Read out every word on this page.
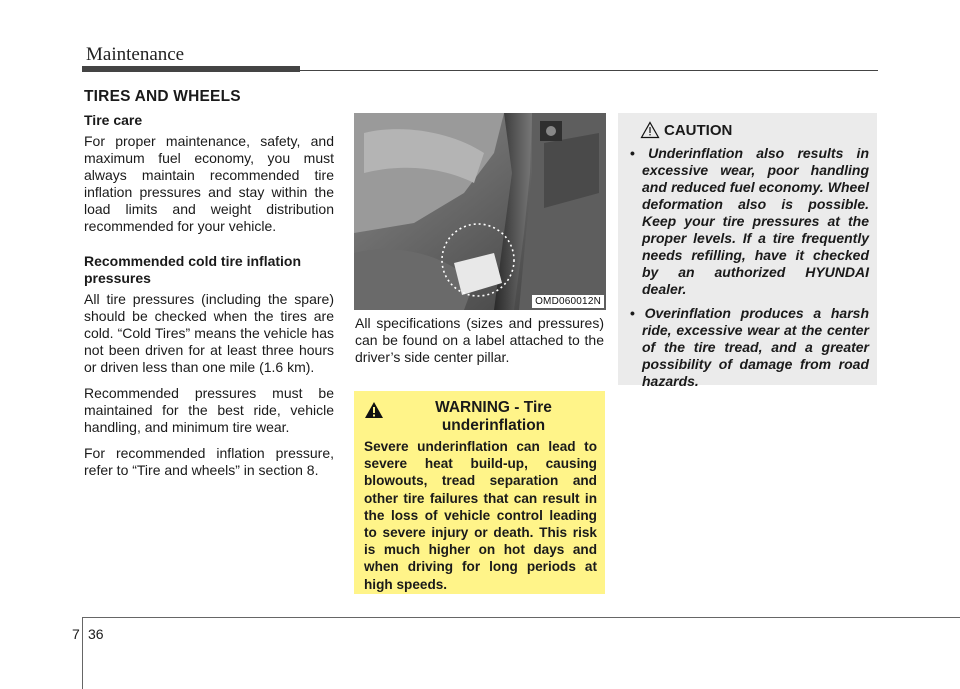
Maintenance
TIRES AND WHEELS
Tire care

For proper maintenance, safety, and maximum fuel economy, you must always maintain recommended tire inflation pressures and stay within the load limits and weight distribution recommended for your vehicle.

Recommended cold tire inflation pressures

All tire pressures (including the spare) should be checked when the tires are cold. “Cold Tires” means the vehicle has not been driven for at least three hours or driven less than one mile (1.6 km).

Recommended pressures must be maintained for the best ride, vehicle handling, and minimum tire wear.

For recommended inflation pressure, refer to “Tire and wheels” in section 8.

OMD060012N
All specifications (sizes and pressures) can be found on a label attached to the driver’s side center pillar.
WARNING - Tire underinflation
Severe underinflation can lead to severe heat build-up, causing blowouts, tread separation and other tire failures that can result in the loss of vehicle control leading to severe injury or death. This risk is much higher on hot days and when driving for long periods at high speeds.
CAUTION
• Underinflation also results in excessive wear, poor handling and reduced fuel economy. Wheel deformation also is possible. Keep your tire pressures at the proper levels. If a tire frequently needs refilling, have it checked by an authorized HYUNDAI dealer.
• Overinflation produces a harsh ride, excessive wear at the center of the tire tread, and a greater possibility of damage from road hazards.
7 36
